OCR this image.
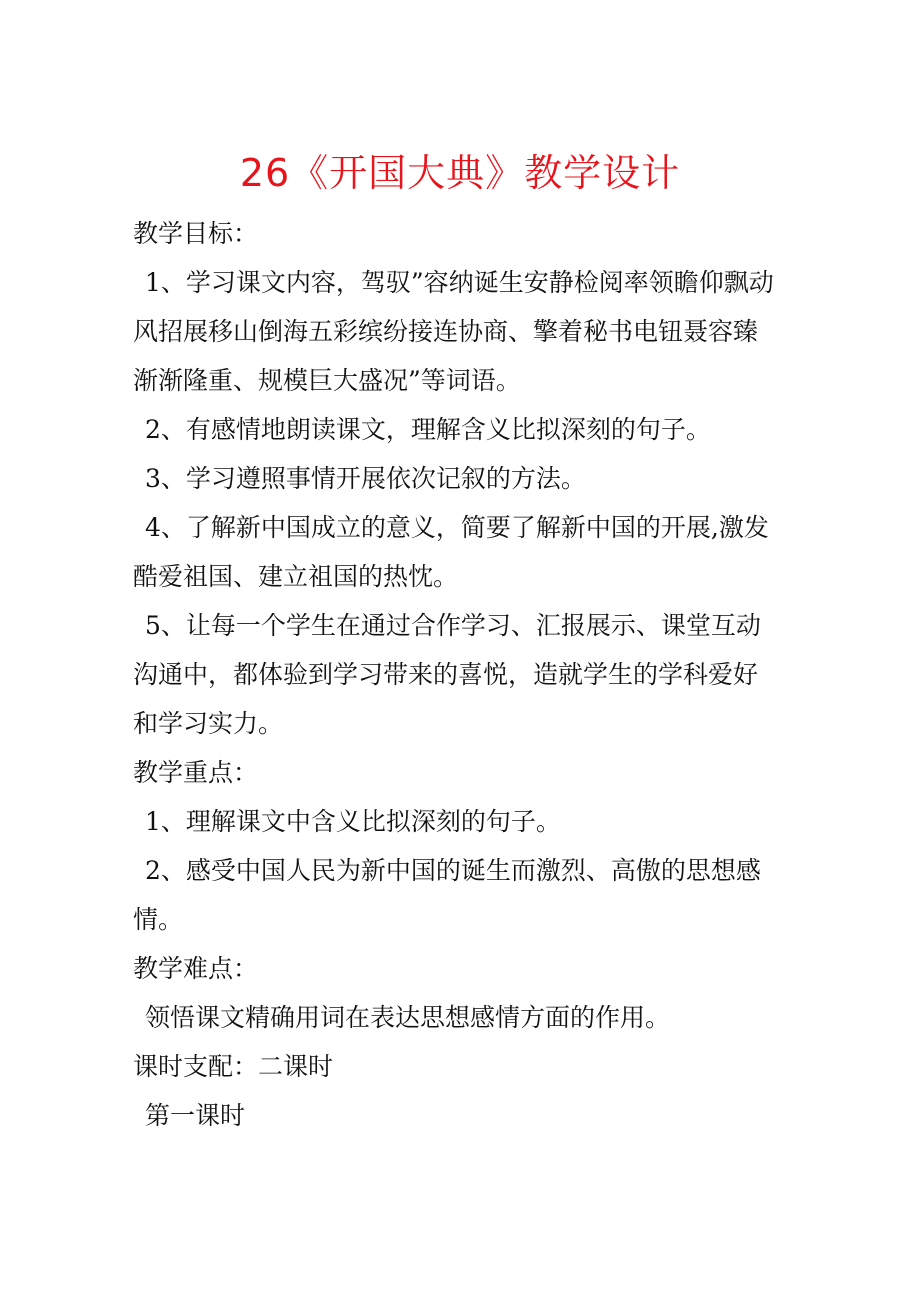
26《开国大典》教学设计
教学目标：
1、学习课文内容，驾驭”容纳诞生安静检阅率领瞻仰飘动
风招展移山倒海五彩缤纷接连协商、擎着秘书电钮聂容臻
渐渐隆重、规模巨大盛况”等词语。
2、有感情地朗读课文，理解含义比拟深刻的句子。
3、学习遵照事情开展依次记叙的方法。
4、了解新中国成立的意义，简要了解新中国的开展,激发
酷爱祖国、建立祖国的热忱。
5、让每一个学生在通过合作学习、汇报展示、课堂互动
沟通中，都体验到学习带来的喜悦，造就学生的学科爱好
和学习实力。
教学重点：
1、理解课文中含义比拟深刻的句子。
2、感受中国人民为新中国的诞生而激烈、高傲的思想感
情。
教学难点：
领悟课文精确用词在表达思想感情方面的作用。
课时支配：二课时
第一课时
